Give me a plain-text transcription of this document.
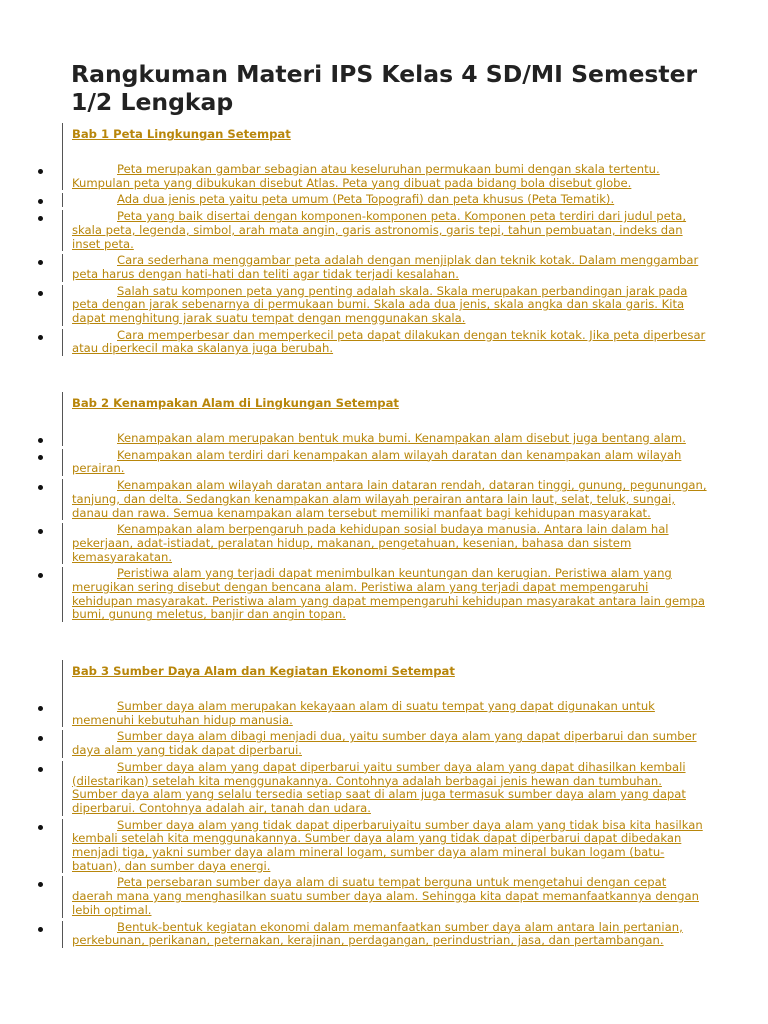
Rangkuman Materi IPS Kelas 4 SD/MI Semester 1/2 Lengkap
Bab 1 Peta Lingkungan Setempat
Peta merupakan gambar sebagian atau keseluruhan permukaan bumi dengan skala tertentu. Kumpulan peta yang dibukukan disebut Atlas. Peta yang dibuat pada bidang bola disebut globe.
Ada dua jenis peta yaitu peta umum (Peta Topografi) dan peta khusus (Peta Tematik).
Peta yang baik disertai dengan komponen-komponen peta. Komponen peta terdiri dari judul peta, skala peta, legenda, simbol, arah mata angin, garis astronomis, garis tepi, tahun pembuatan, indeks dan inset peta.
Cara sederhana menggambar peta adalah dengan menjiplak dan teknik kotak. Dalam menggambar peta harus dengan hati-hati dan teliti agar tidak terjadi kesalahan.
Salah satu komponen peta yang penting adalah skala. Skala merupakan perbandingan jarak pada peta dengan jarak sebenarnya di permukaan bumi. Skala ada dua jenis, skala angka dan skala garis. Kita dapat menghitung jarak suatu tempat dengan menggunakan skala.
Cara memperbesar dan memperkecil peta dapat dilakukan dengan teknik kotak. Jika peta diperbesar atau diperkecil maka skalanya juga berubah.
Bab 2 Kenampakan Alam di Lingkungan Setempat
Kenampakan alam merupakan bentuk muka bumi. Kenampakan alam disebut juga bentang alam.
Kenampakan alam terdiri dari kenampakan alam wilayah daratan dan kenampakan alam wilayah perairan.
Kenampakan alam wilayah daratan antara lain dataran rendah, dataran tinggi, gunung, pegunungan, tanjung, dan delta. Sedangkan kenampakan alam wilayah perairan antara lain laut, selat, teluk, sungai, danau dan rawa. Semua kenampakan alam tersebut memiliki manfaat bagi kehidupan masyarakat.
Kenampakan alam berpengaruh pada kehidupan sosial budaya manusia. Antara lain dalam hal pekerjaan, adat-istiadat, peralatan hidup, makanan, pengetahuan, kesenian, bahasa dan sistem kemasyarakatan.
Peristiwa alam yang terjadi dapat menimbulkan keuntungan dan kerugian. Peristiwa alam yang merugikan sering disebut dengan bencana alam. Peristiwa alam yang terjadi dapat mempengaruhi kehidupan masyarakat. Peristiwa alam yang dapat mempengaruhi kehidupan masyarakat antara lain gempa bumi, gunung meletus, banjir dan angin topan.
Bab 3 Sumber Daya Alam dan Kegiatan Ekonomi Setempat
Sumber daya alam merupakan kekayaan alam di suatu tempat yang dapat digunakan untuk memenuhi kebutuhan hidup manusia.
Sumber daya alam dibagi menjadi dua, yaitu sumber daya alam yang dapat diperbarui dan sumber daya alam yang tidak dapat diperbarui.
Sumber daya alam yang dapat diperbarui yaitu sumber daya alam yang dapat dihasilkan kembali (dilestarikan) setelah kita menggunakannya. Contohnya adalah berbagai jenis hewan dan tumbuhan. Sumber daya alam yang selalu tersedia setiap saat di alam juga termasuk sumber daya alam yang dapat diperbarui. Contohnya adalah air, tanah dan udara.
Sumber daya alam yang tidak dapat diperbaruiyaitu sumber daya alam yang tidak bisa kita hasilkan kembali setelah kita menggunakannya. Sumber daya alam yang tidak dapat diperbarui dapat dibedakan menjadi tiga, yakni sumber daya alam mineral logam, sumber daya alam mineral bukan logam (batu-batuan), dan sumber daya energi.
Peta persebaran sumber daya alam di suatu tempat berguna untuk mengetahui dengan cepat daerah mana yang menghasilkan suatu sumber daya alam. Sehingga kita dapat memanfaatkannya dengan lebih optimal.
Bentuk-bentuk kegiatan ekonomi dalam memanfaatkan sumber daya alam antara lain pertanian, perkebunan, perikanan, peternakan, kerajinan, perdagangan, perindustrian, jasa, dan pertambangan.
